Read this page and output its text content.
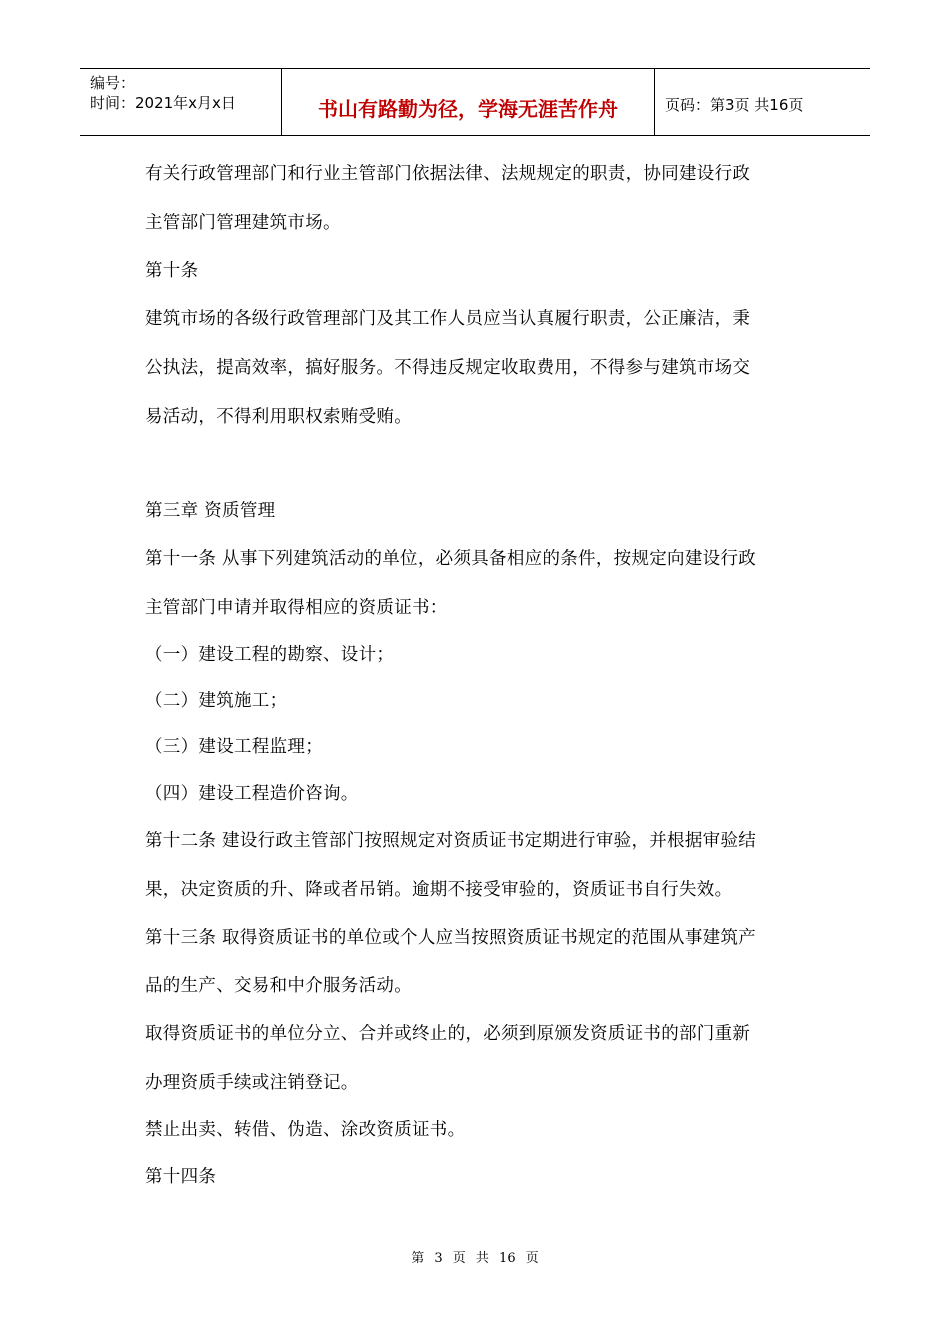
编号：
时间：2021年x月x日	书山有路勤为径，学海无涯苦作舟	页码：第3页 共16页
有关行政管理部门和行业主管部门依据法律、法规规定的职责，协同建设行政
主管部门管理建筑市场。
第十条
建筑市场的各级行政管理部门及其工作人员应当认真履行职责，公正廉洁，秉
公执法，提高效率，搞好服务。不得违反规定收取费用，不得参与建筑市场交
易活动，不得利用职权索贿受贿。
第三章 资质管理
第十一条 从事下列建筑活动的单位，必须具备相应的条件，按规定向建设行政
主管部门申请并取得相应的资质证书：
（一）建设工程的勘察、设计；
（二）建筑施工；
（三）建设工程监理；
（四）建设工程造价咨询。
第十二条 建设行政主管部门按照规定对资质证书定期进行审验，并根据审验结
果，决定资质的升、降或者吊销。逾期不接受审验的，资质证书自行失效。
第十三条 取得资质证书的单位或个人应当按照资质证书规定的范围从事建筑产
品的生产、交易和中介服务活动。
取得资质证书的单位分立、合并或终止的，必须到原颁发资质证书的部门重新
办理资质手续或注销登记。
禁止出卖、转借、伪造、涂改资质证书。
第十四条
第 3 页 共 16 页
